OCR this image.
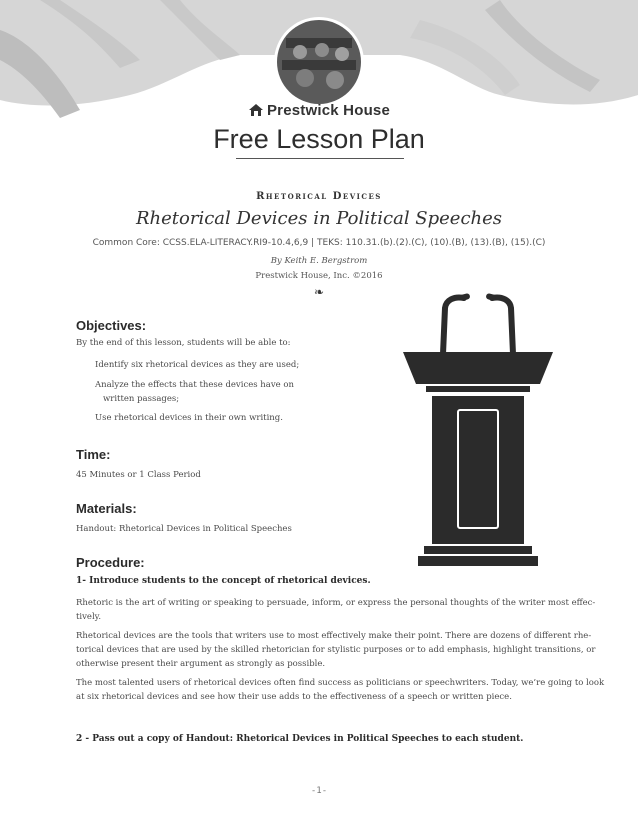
Prestwick House
Free Lesson Plan
Rhetorical Devices
Rhetorical Devices in Political Speeches
Common Core: CCSS.ELA-LITERACY.RI9-10.4,6,9 | TEKS: 110.31.(b).(2).(C), (10).(B), (13).(B), (15).(C)
By Keith E. Bergstrom
Prestwick House, Inc. ©2016
❧
Objectives:
By the end of this lesson, students will be able to:
Identify six rhetorical devices as they are used;
Analyze the effects that these devices have on
written passages;
Use rhetorical devices in their own writing.
Time:
45 Minutes or 1 Class Period
Materials:
Handout: Rhetorical Devices in Political Speeches
Procedure:
1- Introduce students to the concept of rhetorical devices.
Rhetoric is the art of writing or speaking to persuade, inform, or express the personal thoughts of the writer most effec-
tively.
Rhetorical devices are the tools that writers use to most effectively make their point. There are dozens of different rhe-
torical devices that are used by the skilled rhetorician for stylistic purposes or to add emphasis, highlight transitions, or
otherwise present their argument as strongly as possible.
The most talented users of rhetorical devices often find success as politicians or speechwriters. Today, we’re going to look
at six rhetorical devices and see how their use adds to the effectiveness of a speech or written piece.
2 - Pass out a copy of Handout: Rhetorical Devices in Political Speeches to each student.
-1-
